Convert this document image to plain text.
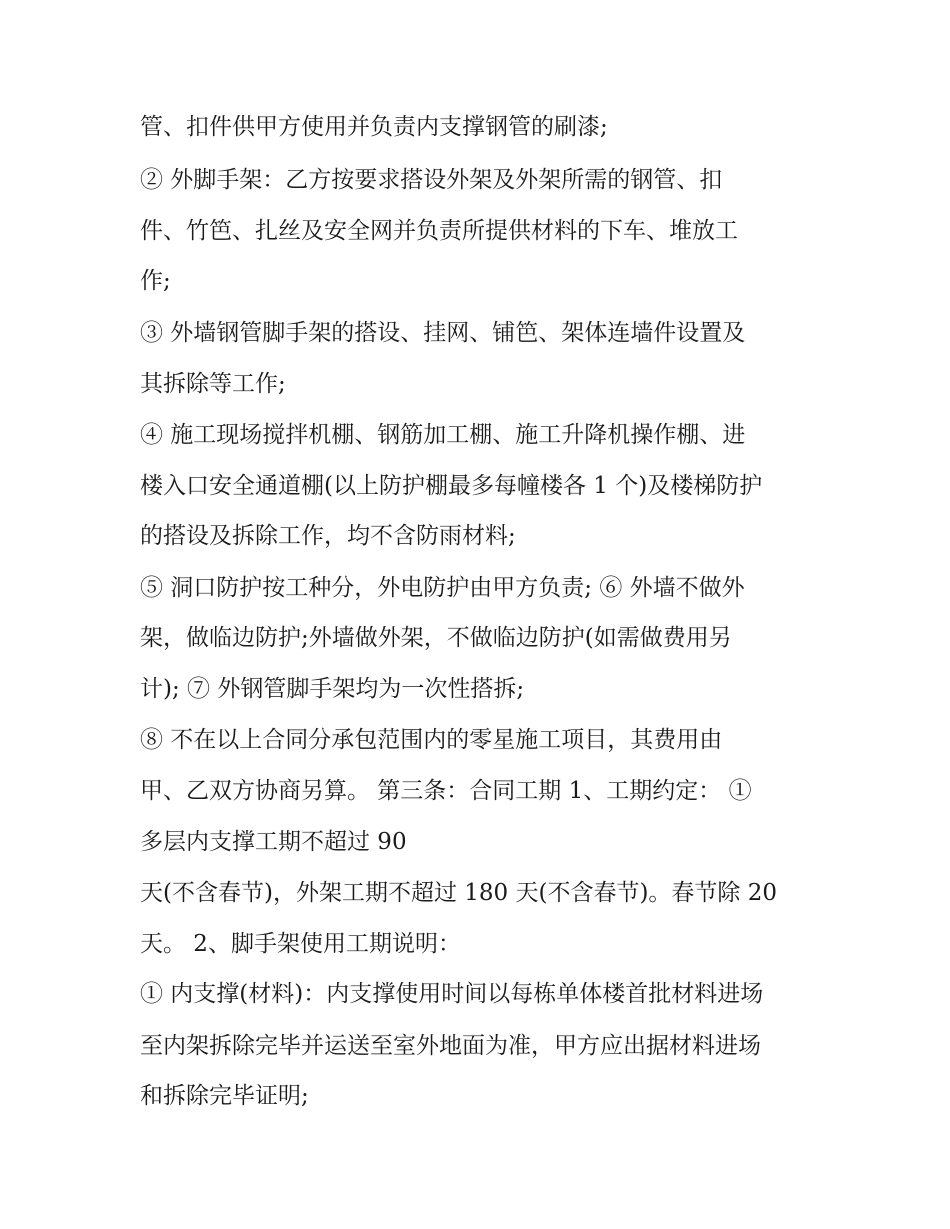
管、扣件供甲方使用并负责内支撑钢管的刷漆;
② 外脚手架：乙方按要求搭设外架及外架所需的钢管、扣
件、竹笆、扎丝及安全网并负责所提供材料的下车、堆放工
作;
③ 外墙钢管脚手架的搭设、挂网、铺笆、架体连墙件设置及
其拆除等工作;
④ 施工现场搅拌机棚、钢筋加工棚、施工升降机操作棚、进
楼入口安全通道棚(以上防护棚最多每幢楼各 1 个)及楼梯防护
的搭设及拆除工作，均不含防雨材料;
⑤ 洞口防护按工种分，外电防护由甲方负责; ⑥ 外墙不做外
架，做临边防护;外墙做外架，不做临边防护(如需做费用另
计); ⑦ 外钢管脚手架均为一次性搭拆;
⑧ 不在以上合同分承包范围内的零星施工项目，其费用由
甲、乙双方协商另算。 第三条：合同工期 1、工期约定： ①
多层内支撑工期不超过 90
天(不含春节)，外架工期不超过 180 天(不含春节)。春节除 20
天。 2、脚手架使用工期说明：
① 内支撑(材料)：内支撑使用时间以每栋单体楼首批材料进场
至内架拆除完毕并运送至室外地面为准，甲方应出据材料进场
和拆除完毕证明;
